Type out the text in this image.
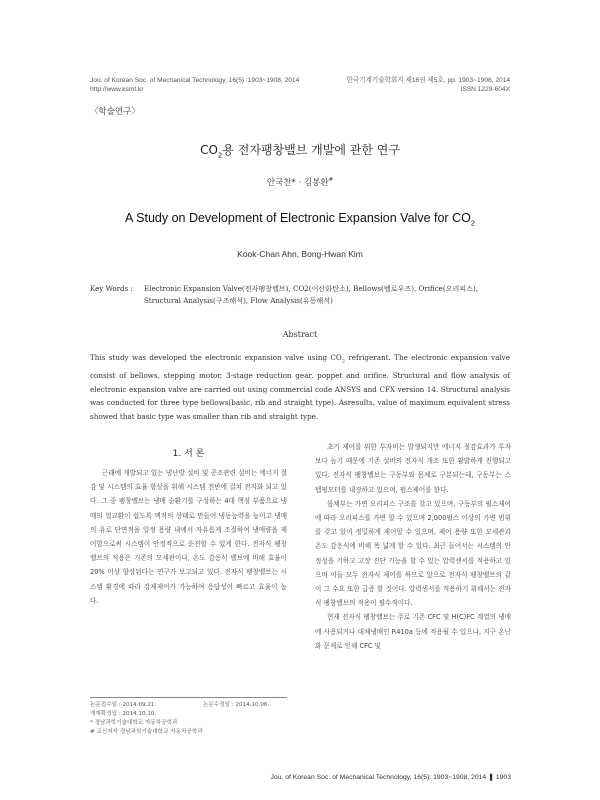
Jou. of Korean Soc. of Mechanical Technology, 16(5) :1903~1908, 2014
http://www.ksmt.kr
한국기계기술학회지 제16권 제5호, pp. 1903~1908, 2014
ISSN 1229-604X
〈학술연구〉
$CO_2$용 전자팽창밸브 개발에 관한 연구
안국찬* · 김봉환#
A Study on Development of Electronic Expansion Valve for $CO_2$
Kook-Chan Ahn, Bong-Hwan Kim
Key Words : Electronic Expansion Valve(전자팽창밸브), CO2(이산화탄소), Bellows(벨로우즈), Orifice(오리피스),
Structural Analysis(구조해석), Flow Analysis(유동해석)
Abstract
This study was developed the electronic expansion valve using $CO_2$ refrigerant. The electronic expansion valve consist of bellows, stepping motor, 3-stage reduction gear, poppet and orifice. Structural and flow analysis of electronic expansion valve are carried out using commercial code ANSYS and CFX version 14. Structural analysis was conducted for three type bellows(basic, rib and straight type). Asresults, value of maximum equivalent stress showed that basic type was smaller than rib and straight type.
1. 서 론

근래에 개발되고 있는 냉난방 설비 및 공조관련 설비는 에너지 절감 및 시스템의 효율 향상을 위해 시스템 전반에 걸쳐 전자화 되고 있다. 그 중 팽창밸브는 냉매 순환기를 구성하는 4대 핵심 부품으로 냉매의 열교환이 쉽도록 액적의 상태로 만들어 냉동능력을 높이고 냉매의 유로 단면적을 일정 용량 내에서 자유롭게 조절하여 냉매량을 제어함으로써 시스템이 안정적으로 운전할 수 있게 한다. 전자식 팽창밸브의 적용은 기존의 모세관이나, 온도 감응식 밸브에 비해 효율이 20% 이상 향상된다는 연구가 보고되고 있다. 전자식 팽창밸브는 시스템 환경에 따라 강제제어가 가능하여 응답성이 빠르고 효율이 높다.

논문접수일 : 2014.09.21.	논문수정일 : 2014.10.06.
게재확정일 : 2014.10.10.
* 경남과학기술대학교 자동차공학과
# 교신저자 경남과학기술대학교 자동차공학과

초기 제어를 위한 투자비는 발생되지만 에너지 절감효과가 투자보다 높기 때문에 기존 설비의 전자식 개조 또한 활발하게 진행되고 있다. 전자식 팽창밸브는 구동부와 몸체로 구분되는데, 구동부는 스텝핑모터를 내장하고 있으며, 펄스제어를 한다.

몸체부는 가변 오리피스 구조를 갖고 있으며, 구동부의 펄스제어에 따라 오리피스를 가변 할 수 있으며 2,000펄스 이상의 가변 범위를 갖고 있어 정밀하게 제어할 수 있으며, 제어 용량 또한 모세관과 온도 감응식에 비해 폭 넓게 할 수 있다. 최근 들어서는 시스템의 안정성을 기하고 고장 진단 기능을 할 수 있는 압력센서를 적용하고 있으며 이들 모두 전자식 제어를 하므로 앞으로 전자식 팽창밸브의 같이 그 수요 또한 급증 할 것이다. 압력센서를 적용하기 위해서는 전자식 팽창밸브의 적용이 필수적이다.

현재 전자식 팽창밸브는 주로 기존 CFC 및 H(C)FC 계열의 냉매에 사용되거나 대체냉매인 R410a 등에 적용될 수 있으나, 지구 온난화 문제로 인해 CFC 및

Jou. of Korean Soc. of Mechanical Technology, 16(5): 1903~1908, 2014 ❚ 1903
